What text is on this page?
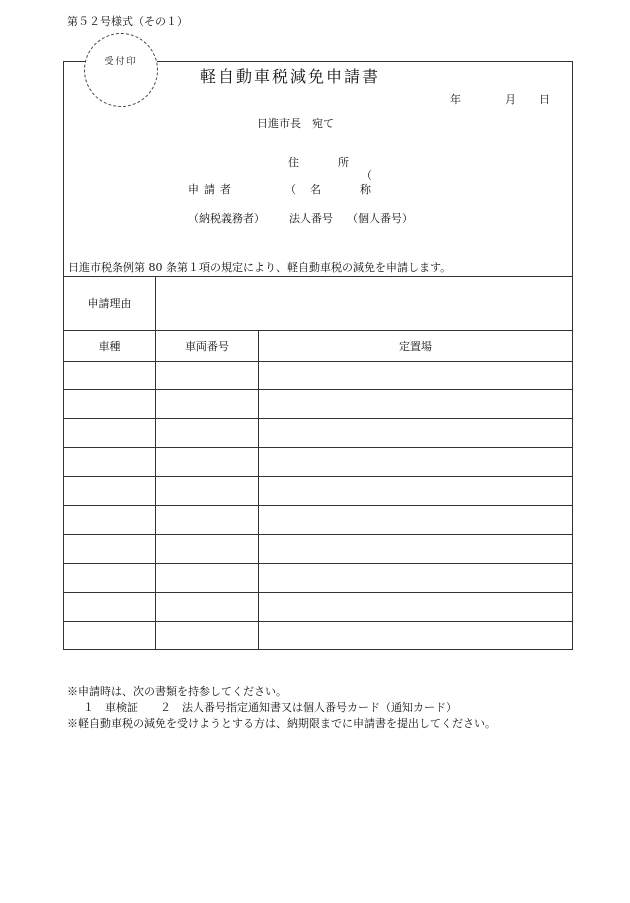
第５２号様式（その１）
受付印
軽自動車税減免申請書
年	月 日
日進市長　宛て
住　所
（
申請者	（名　称
（納税義務者） 法人番号 （個人番号）
日進市税条例第 80 条第１項の規定により、軽自動車税の減免を申請します。
申請理由
車種	車両番号	定置場
※申請時は、次の書類を持参してください。
１　車検証　　２　法人番号指定通知書又は個人番号カード（通知カード）
※軽自動車税の減免を受けようとする方は、納期限までに申請書を提出してください。
